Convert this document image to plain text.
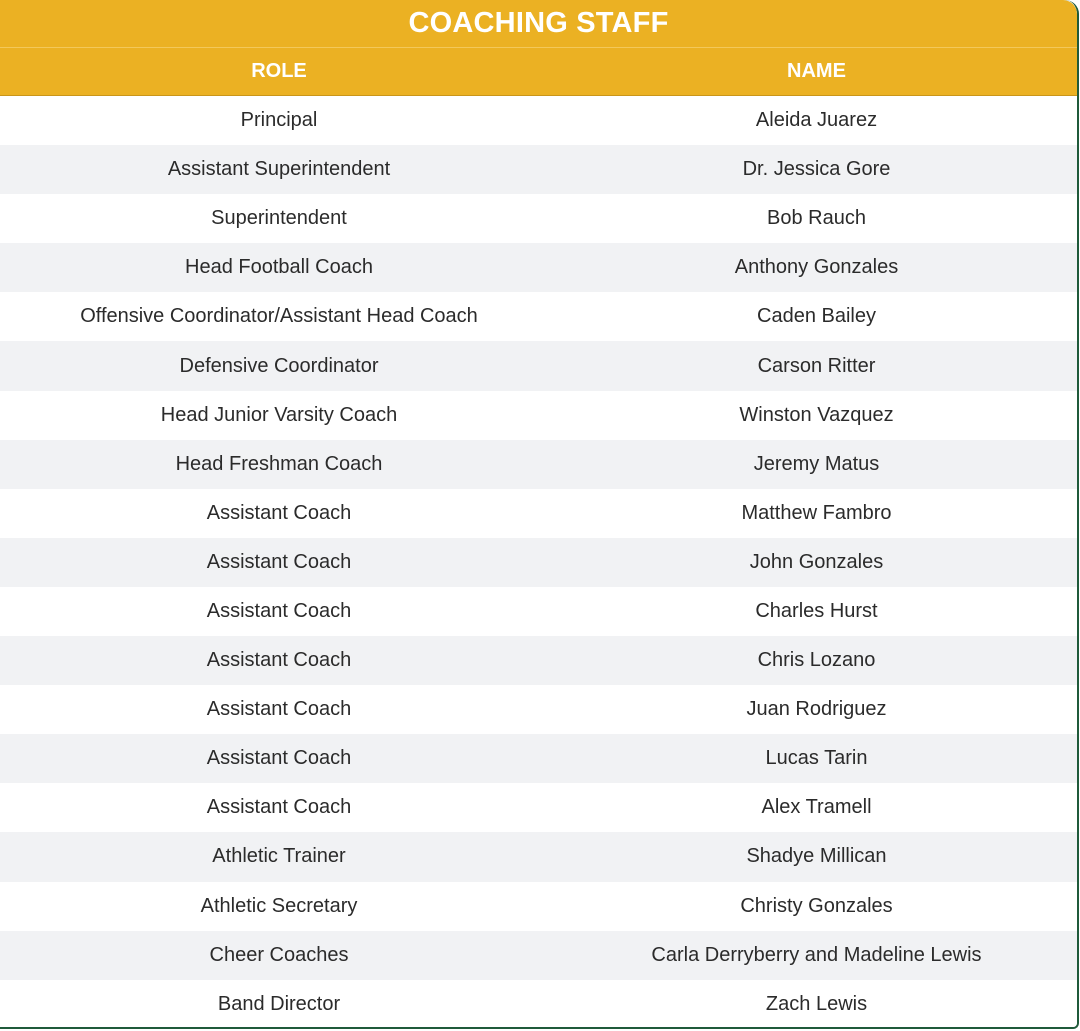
COACHING STAFF
ROLE	NAME
Principal	Aleida Juarez
Assistant Superintendent	Dr. Jessica Gore
Superintendent	Bob Rauch
Head Football Coach	Anthony Gonzales
Offensive Coordinator/Assistant Head Coach	Caden Bailey
Defensive Coordinator	Carson Ritter
Head Junior Varsity Coach	Winston Vazquez
Head Freshman Coach	Jeremy Matus
Assistant Coach	Matthew Fambro
Assistant Coach	John Gonzales
Assistant Coach	Charles Hurst
Assistant Coach	Chris Lozano
Assistant Coach	Juan Rodriguez
Assistant Coach	Lucas Tarin
Assistant Coach	Alex Tramell
Athletic Trainer	Shadye Millican
Athletic Secretary	Christy Gonzales
Cheer Coaches	Carla Derryberry and Madeline Lewis
Band Director	Zach Lewis
